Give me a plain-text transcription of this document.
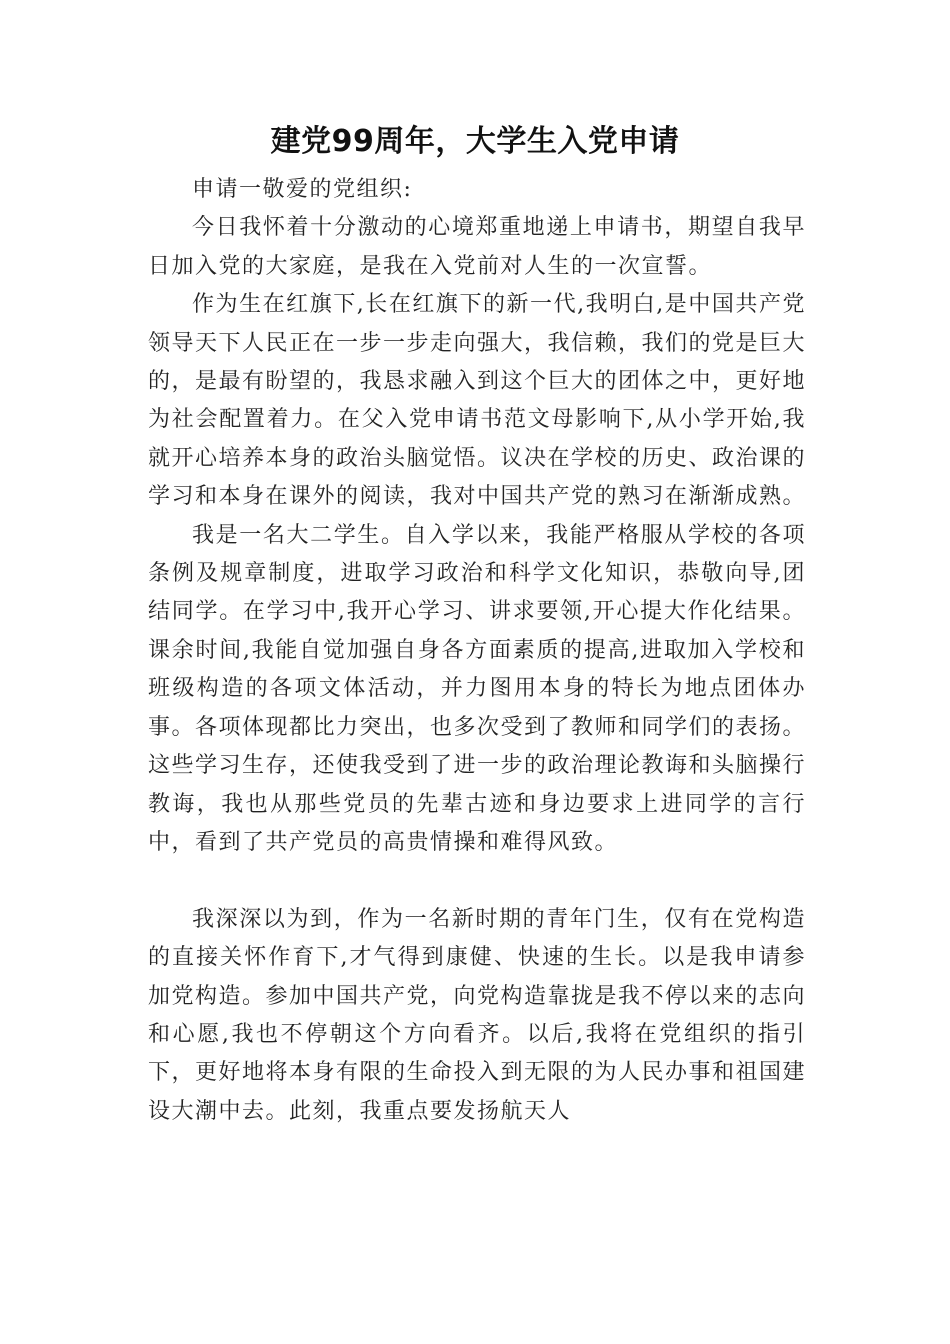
建党99周年，大学生入党申请

申请一敬爱的党组织:

今日我怀着十分激动的心境郑重地递上申请书，期望自我早日加入党的大家庭，是我在入党前对人生的一次宣誓。

作为生在红旗下,长在红旗下的新一代,我明白,是中国共产党领导天下人民正在一步一步走向强大，我信赖，我们的党是巨大的，是最有盼望的，我恳求融入到这个巨大的团体之中，更好地为社会配置着力。在父入党申请书范文母影响下,从小学开始,我就开心培养本身的政治头脑觉悟。议决在学校的历史、政治课的学习和本身在课外的阅读，我对中国共产党的熟习在渐渐成熟。

我是一名大二学生。自入学以来，我能严格服从学校的各项条例及规章制度，进取学习政治和科学文化知识，恭敬向导,团结同学。在学习中,我开心学习、讲求要领,开心提大作化结果。课余时间,我能自觉加强自身各方面素质的提高,进取加入学校和班级构造的各项文体活动，并力图用本身的特长为地点团体办事。各项体现都比力突出，也多次受到了教师和同学们的表扬。这些学习生存，还使我受到了进一步的政治理论教诲和头脑操行教诲，我也从那些党员的先辈古迹和身边要求上进同学的言行中，看到了共产党员的高贵情操和难得风致。

我深深以为到，作为一名新时期的青年门生，仅有在党构造的直接关怀作育下,才气得到康健、快速的生长。以是我申请参加党构造。参加中国共产党，向党构造靠拢是我不停以来的志向和心愿,我也不停朝这个方向看齐。以后,我将在党组织的指引下，更好地将本身有限的生命投入到无限的为人民办事和祖国建设大潮中去。此刻，我重点要发扬航天人
